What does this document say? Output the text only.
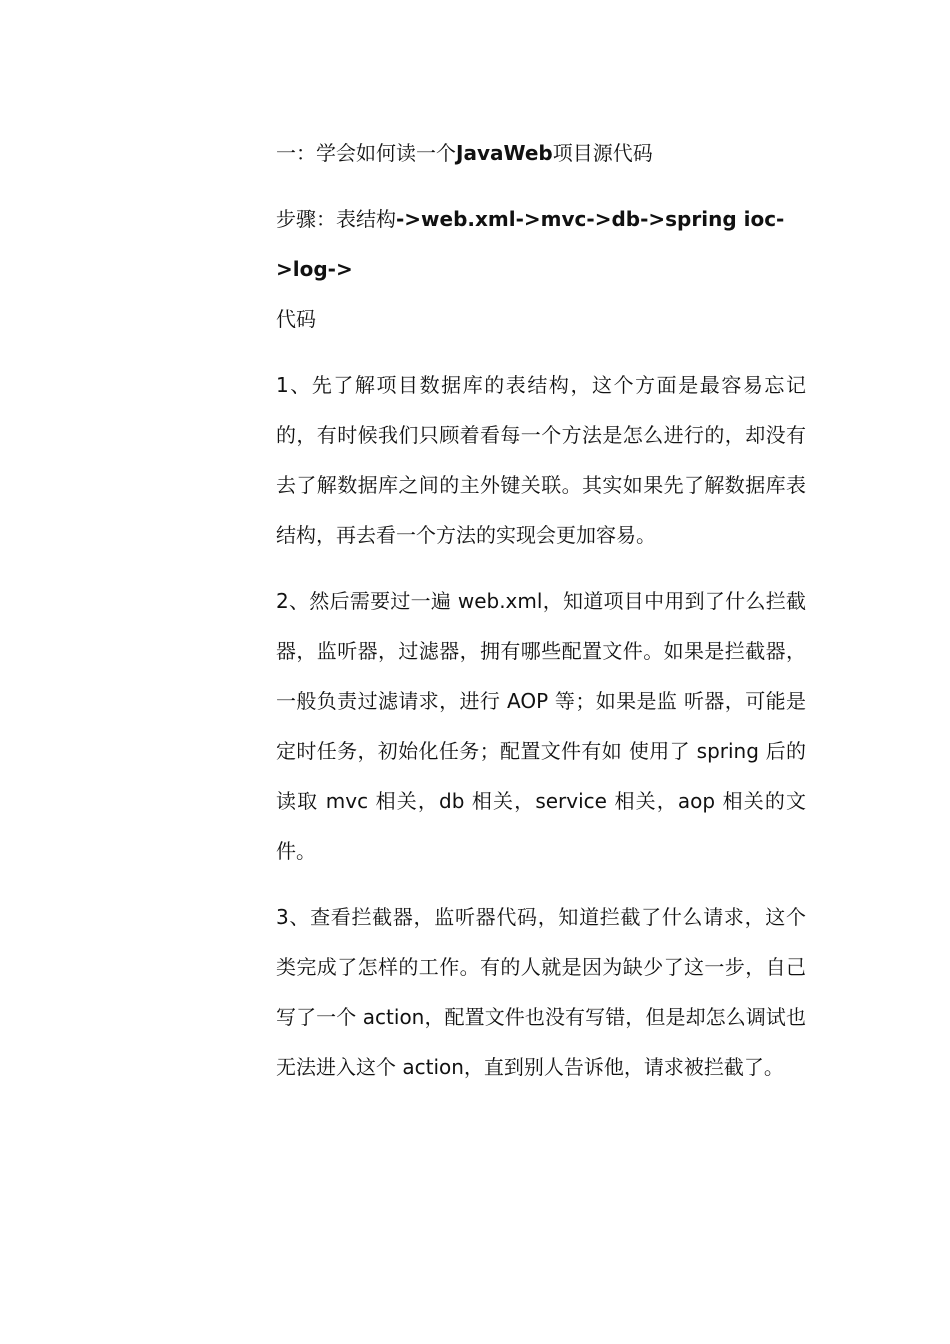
一：学会如何读一个JavaWeb项目源代码

步骤：表结构->web.xml->mvc->db->spring ioc->log->
代码

1、先了解项目数据库的表结构，这个方面是最容易忘记的，有时候我们只顾着看每一个方法是怎么进行的，却没有去了解数据库之间的主外键关联。其实如果先了解数据库表结构，再去看一个方法的实现会更加容易。

2、然后需要过一遍 web.xml，知道项目中用到了什么拦截器，监听器，过滤器，拥有哪些配置文件。如果是拦截器，一般负责过滤请求，进行 AOP 等；如果是监 听器，可能是定时任务，初始化任务；配置文件有如 使用了 spring 后的读取 mvc 相关，db 相关，service 相关，aop 相关的文件。

3、查看拦截器，监听器代码，知道拦截了什么请求，这个类完成了怎样的工作。有的人就是因为缺少了这一步，自己写了一个 action，配置文件也没有写错，但是却怎么调试也无法进入这个 action，直到别人告诉他，请求被拦截了。
